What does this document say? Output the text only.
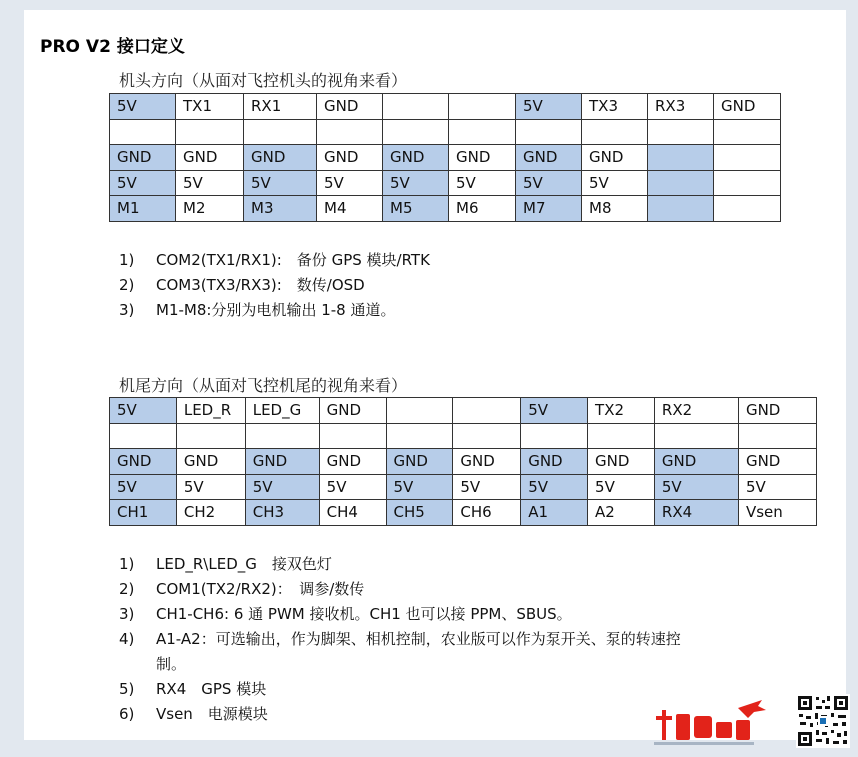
PRO V2 接口定义
机头方向（从面对飞控机头的视角来看）
5V	TX1	RX1	GND			5V	TX3	RX3	GND

GND	GND	GND	GND	GND	GND	GND	GND		
5V	5V	5V	5V	5V	5V	5V	5V		
M1	M2	M3	M4	M5	M6	M7	M8		
1)	COM2(TX1/RX1):　备份 GPS 模块/RTK
2)	COM3(TX3/RX3):　数传/OSD
3)	M1-M8:分别为电机输出 1-8 通道。
机尾方向（从面对飞控机尾的视角来看）
5V	LED_R	LED_G	GND			5V	TX2	RX2	GND

GND	GND	GND	GND	GND	GND	GND	GND	GND	GND
5V	5V	5V	5V	5V	5V	5V	5V	5V	5V
CH1	CH2	CH3	CH4	CH5	CH6	A1	A2	RX4	Vsen
1)	LED_R\LED_G　接双色灯
2)	COM1(TX2/RX2)：　调参/数传
3)	CH1-CH6: 6 通 PWM 接收机。CH1 也可以接 PPM、SBUS。
4)	A1-A2：可选输出，作为脚架、相机控制，农业版可以作为泵开关、泵的转速控制。
5)	RX4　GPS 模块
6)	Vsen　电源模块
